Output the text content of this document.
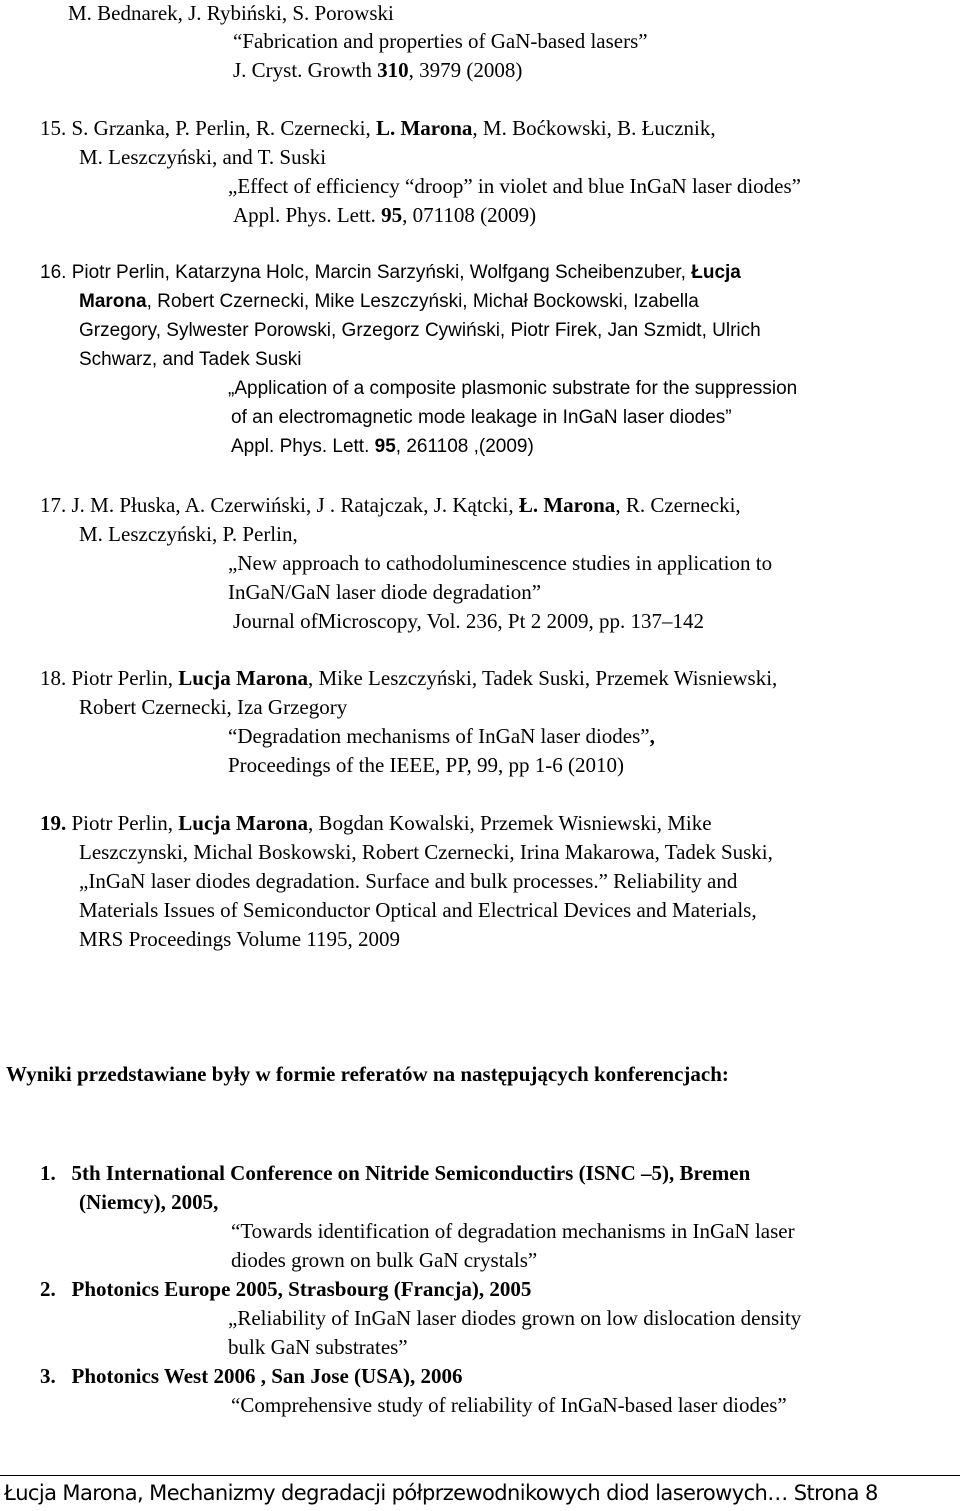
M. Bednarek, J. Rybiński, S. Porowski
“Fabrication and properties of GaN-based lasers”
J. Cryst. Growth 310, 3979 (2008)
15. S. Grzanka, P. Perlin, R. Czernecki, L. Marona, M. Boćkowski, B. Łucznik,
M. Leszczyński, and T. Suski
„Effect of efficiency “droop” in violet and blue InGaN laser diodes”
Appl. Phys. Lett. 95, 071108 (2009)
16. Piotr Perlin, Katarzyna Holc, Marcin Sarzyński, Wolfgang Scheibenzuber, Łucja
Marona, Robert Czernecki, Mike Leszczyński, Michał Bockowski, Izabella
Grzegory, Sylwester Porowski, Grzegorz Cywiński, Piotr Firek, Jan Szmidt, Ulrich
Schwarz, and Tadek Suski
„Application of a composite plasmonic substrate for the suppression
of an electromagnetic mode leakage in InGaN laser diodes”
Appl. Phys. Lett. 95, 261108 ,(2009)
17. J. M. Płuska, A. Czerwiński, J . Ratajczak, J. Kątcki, Ł. Marona, R. Czernecki,
M. Leszczyński, P. Perlin,
„New approach to cathodoluminescence studies in application to
InGaN/GaN laser diode degradation”
Journal ofMicroscopy, Vol. 236, Pt 2 2009, pp. 137–142
18. Piotr Perlin, Lucja Marona, Mike Leszczyński, Tadek Suski, Przemek Wisniewski,
Robert Czernecki, Iza Grzegory
“Degradation mechanisms of InGaN laser diodes”,
Proceedings of the IEEE, PP, 99, pp 1-6 (2010)
19. Piotr Perlin, Lucja Marona, Bogdan Kowalski, Przemek Wisniewski, Mike
Leszczynski, Michal Boskowski, Robert Czernecki, Irina Makarowa, Tadek Suski,
„InGaN laser diodes degradation. Surface and bulk processes.” Reliability and
Materials Issues of Semiconductor Optical and Electrical Devices and Materials,
MRS Proceedings Volume 1195, 2009
Wyniki przedstawiane były w formie referatów na następujących konferencjach:
1. 5th International Conference on Nitride Semiconductirs (ISNC –5), Bremen
(Niemcy), 2005,
“Towards identification of degradation mechanisms in InGaN laser
diodes grown on bulk GaN crystals”
2. Photonics Europe 2005, Strasbourg (Francja), 2005
„Reliability of InGaN laser diodes grown on low dislocation density
bulk GaN substrates”
3. Photonics West 2006 , San Jose (USA), 2006
“Comprehensive study of reliability of InGaN-based laser diodes”
Łucja Marona, Mechanizmy degradacji półprzewodnikowych diod laserowych… Strona 8
